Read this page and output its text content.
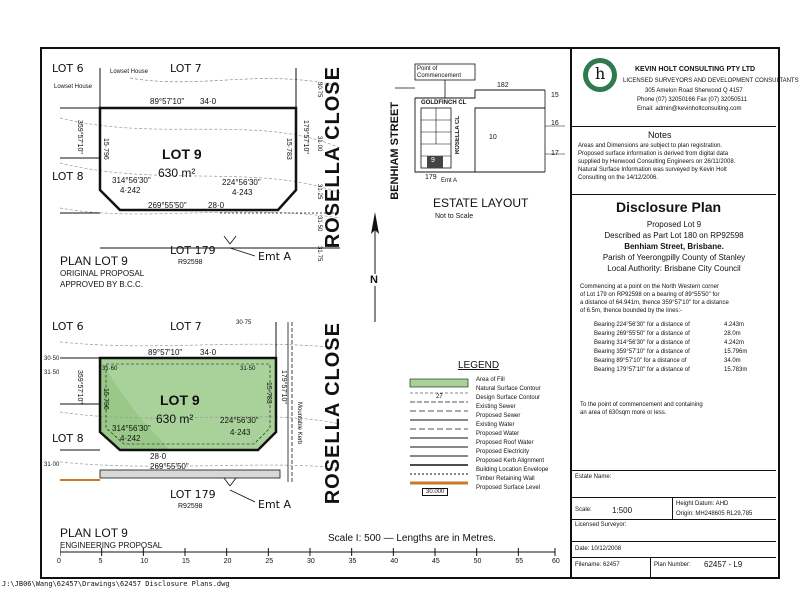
LOT 6	LOT 7
Lowset House
Lowset House
LOT 8
89°57'10" 34·0
359°57'10"	15·796	15·783 179°57'10"
LOT 9
630 m²
314°56'30"
4·242
224°56'30"
4·243
269°55'50"	28·0
30·75
31·00
31·25
31·50
31·75
LOT 179
R92598	Emt A
PLAN LOT 9
ORIGINAL PROPOSAL
APPROVED BY B.C.C.
ROSELLA CLOSE
N
Point of Commencement
182
15
16
17
10
179 Emt A
9
GOLDFINCH CL
ROSELLA CL
BENHIAM STREET
ESTATE LAYOUT
Not to Scale
LOT 6	LOT 7
LOT 8
89°57'10" 34·0
359°57'10"	15·796	15·783 179°57'10"
LOT 9
630 m²
314°56'30"
4·242
224°56'30"
4·243
28·0
269°55'50"
30·50
31·50
30·75
31·00
31·60	31·50
Mountable Kerb
LOT 179
R92598	Emt A
PLAN LOT 9
ENGINEERING PROPOSAL
ROSELLA CLOSE	LEGEND
27
30.000
Area of Fill
Natural Surface Contour
Design Surface Contour
Existing Sewer
Proposed Sewer
Existing Water
Proposed Water
Proposed Roof Water
Proposed Electricity
Proposed Kerb Alignment
Building Location Envelope
Timber Retaining Wall
Proposed Surface Level
Scale I: 500 — Lengths are in Metres.
0	5	10	15	20	25	30	35	40	45	50	55	60
h	KEVIN HOLT CONSULTING PTY LTD
LICENSED SURVEYORS AND DEVELOPMENT CONSULTANTS
305 Amelon Road Sherwood Q 4157
Phone (07) 32050166 Fax (07) 32050511
Email: admin@kevinholtconsulting.com
Notes
Areas and Dimensions are subject to plan registration.
Proposed surface information is derived from digital data
supplied by Henwood Consulting Engineers on 26/11/2008.
Natural Surface Information was surveyed by Kevin Holt
Consulting on the 14/12/2006.
Disclosure Plan
Proposed Lot 9
Described as Part Lot 180 on RP92598
Benhiam Street, Brisbane.
Parish of Yeerongpilly County of Stanley
Local Authority: Brisbane City Council
Commencing at a point on the North Western corner
of Lot 179 on RP92598 on a bearing of 89°55'50" for
a distance of 64.941m, thence 359°57'10" for a distance
of 6.5m, thence bounded by the lines:-
Bearing 224°56'30" for a distance of	4.243m
Bearing 269°55'50" for a distance of	28.0m
Bearing 314°56'30" for a distance of	4.242m
Bearing 359°57'10" for a distance of	15.796m
Bearing 89°57'10" for a distance of	34.0m
Bearing 179°57'10" for a distance of	15.783m
To the point of commencement and containing
an area of 630sqm more or less.
Estate Name:
Scale:	1:500
Height Datum: AHD
Origin: MH248605 RL29,785
Licensed Surveyor:
Date: 10/12/2008
Filename: 62457	Plan Number: 62457 - L9
J:\JB06\Wang\62457\Drawings\62457 Disclosure Plans.dwg
